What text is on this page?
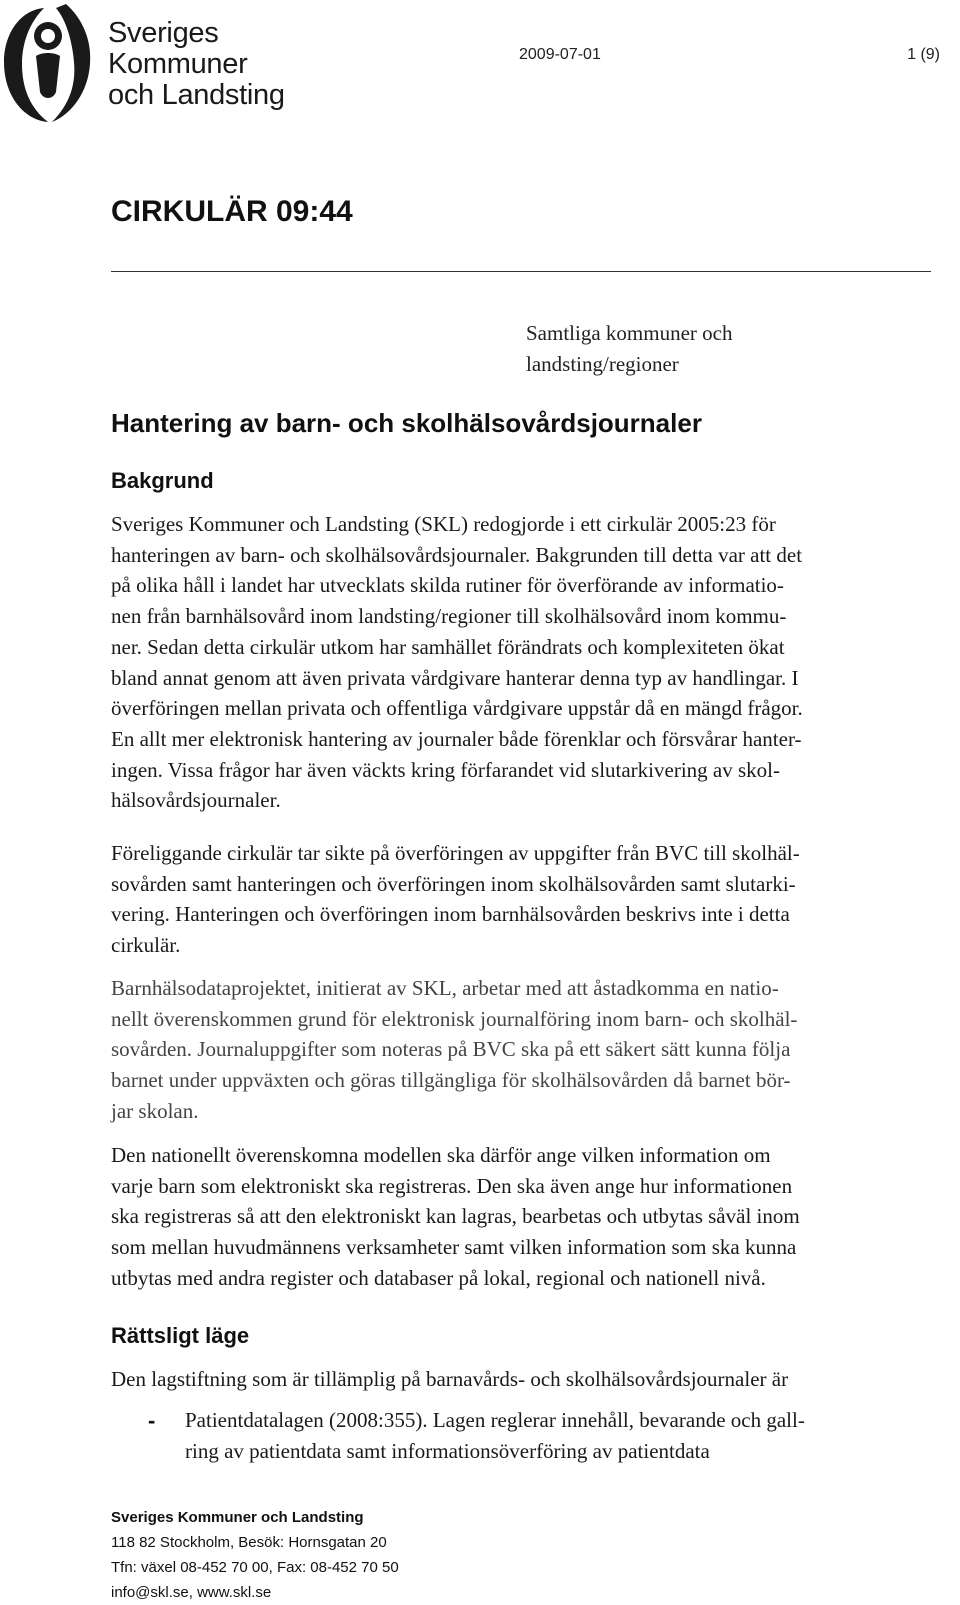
Sveriges
Kommuner
och Landsting
2009-07-01	1 (9)
CIRKULÄR 09:44
Samtliga kommuner och
landsting/regioner
Hantering av barn- och skolhälsovårdsjournaler
Bakgrund
Sveriges Kommuner och Landsting (SKL) redogjorde i ett cirkulär 2005:23 för
hanteringen av barn- och skolhälsovårdsjournaler. Bakgrunden till detta var att det
på olika håll i landet har utvecklats skilda rutiner för överförande av informatio-
nen från barnhälsovård inom landsting/regioner till skolhälsovård inom kommu-
ner. Sedan detta cirkulär utkom har samhället förändrats och komplexiteten ökat
bland annat genom att även privata vårdgivare hanterar denna typ av handlingar. I
överföringen mellan privata och offentliga vårdgivare uppstår då en mängd frågor.
En allt mer elektronisk hantering av journaler både förenklar och försvårar hanter-
ingen. Vissa frågor har även väckts kring förfarandet vid slutarkivering av skol-
hälsovårdsjournaler.
Föreliggande cirkulär tar sikte på överföringen av uppgifter från BVC till skolhäl-
sovården samt hanteringen och överföringen inom skolhälsovården samt slutarki-
vering. Hanteringen och överföringen inom barnhälsovården beskrivs inte i detta
cirkulär.
Barnhälsodataprojektet, initierat av SKL, arbetar med att åstadkomma en natio-
nellt överenskommen grund för elektronisk journalföring inom barn- och skolhäl-
sovården. Journaluppgifter som noteras på BVC ska på ett säkert sätt kunna följa
barnet under uppväxten och göras tillgängliga för skolhälsovården då barnet bör-
jar skolan.
Den nationellt överenskomna modellen ska därför ange vilken information om
varje barn som elektroniskt ska registreras. Den ska även ange hur informationen
ska registreras så att den elektroniskt kan lagras, bearbetas och utbytas såväl inom
som mellan huvudmännens verksamheter samt vilken information som ska kunna
utbytas med andra register och databaser på lokal, regional och nationell nivå.
Rättsligt läge
Den lagstiftning som är tillämplig på barnavårds- och skolhälsovårdsjournaler är
- Patientdatalagen (2008:355). Lagen reglerar innehåll, bevarande och gall-
ring av patientdata samt informationsöverföring av patientdata
Sveriges Kommuner och Landsting
118 82 Stockholm, Besök: Hornsgatan 20
Tfn: växel 08-452 70 00, Fax: 08-452 70 50
info@skl.se, www.skl.se
